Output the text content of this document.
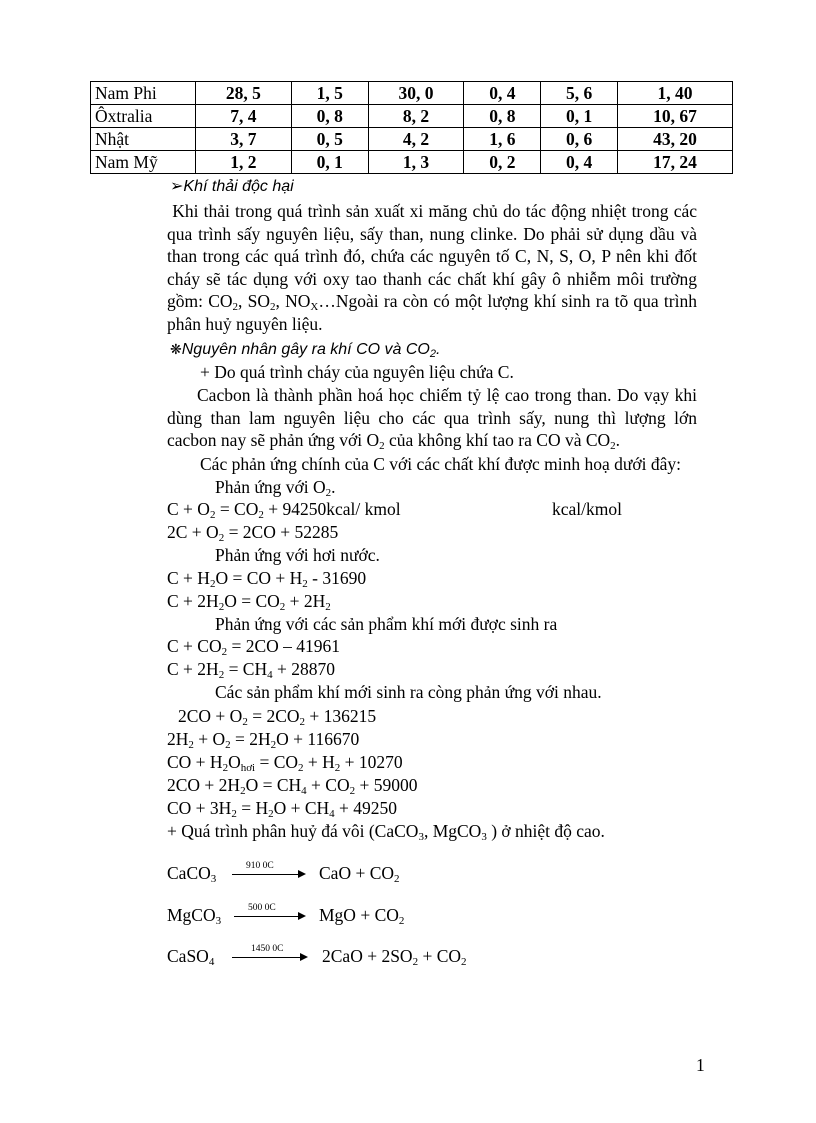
Nam Phi	28, 5	1, 5	30, 0	0, 4	5, 6	1, 40
Ôxtralia	7, 4	0, 8	8, 2	0, 8	0, 1	10, 67
Nhật	3, 7	0, 5	4, 2	1, 6	0, 6	43, 20
Nam Mỹ	1, 2	0, 1	1, 3	0, 2	0, 4	17, 24
➢Khí thải độc hại
Khi thải trong quá trình sản xuất xi măng chủ do tác động nhiệt trong các qua trình sấy nguyên liệu, sấy than, nung clinke. Do phải sử dụng dầu và than trong các quá trình đó, chứa các nguyên tố C, N, S, O, P nên khi đốt cháy sẽ tác dụng với oxy tao thanh các chất khí gây ô nhiễm môi trường gồm: $CO_2$, $SO_2$, $NO_X\dots Ngoài$ ra còn có một lượng khí sinh ra tõ qua trình phân huỷ nguyên liệu.
❋Nguyên nhân gây ra khí CO và $CO_2$.
+ Do quá trình cháy của nguyên liệu chứa C.
Cacbon là thành phần hoá học chiếm tỷ lệ cao trong than. Do vạy khi dùng than lam nguyên liệu cho các qua trình sấy, nung thì lượng lớn cacbon nay sẽ phản ứng với $O_2$ của không khí tao ra CO và $CO_2$.
Các phản ứng chính của C với các chất khí được minh hoạ dưới đây:
Phản ứng với $O_2$.
$C + O_2 = CO_2$ + 94250kcal/ kmol	kcal/kmol
$2C + O_2 = 2CO + 52285$
Phản ứng với hơi nước.
$C + H_2O$ = CO + $H_2 - 31690$
$C + 2H_2O = CO_2 + 2H_2$
Phản ứng với các sản phẩm khí mới được sinh ra
$C + CO_2 = 2CO - 41961$
$C + 2H_2 = CH_4 + 28870$
Các sản phẩm khí mới sinh ra còng phản ứng với nhau.
$2CO + O_2 = 2CO_2 + 136215$
$2H_2 + O_2 = 2H_2O + 116670$
CO + $H_2O_{hơi} = CO_2 + H_2 + 10270$
$2CO + 2H_2O = CH_4 + CO_2 + 59000$
CO + $3H_2 = H_2O + CH_4 + 49250$
+ Quá trình phân huỷ đá vôi (CaCO$_3$, MgCO$_3$ ) ở nhiệt độ cao.
CaCO$_3$
910 0C	CaO + $CO_2$
MgCO$_3$
500 0C → MgO + $CO_2$
CaSO$_4$
1450 0C $2CaO + 2SO_2 + CO_2$
1
